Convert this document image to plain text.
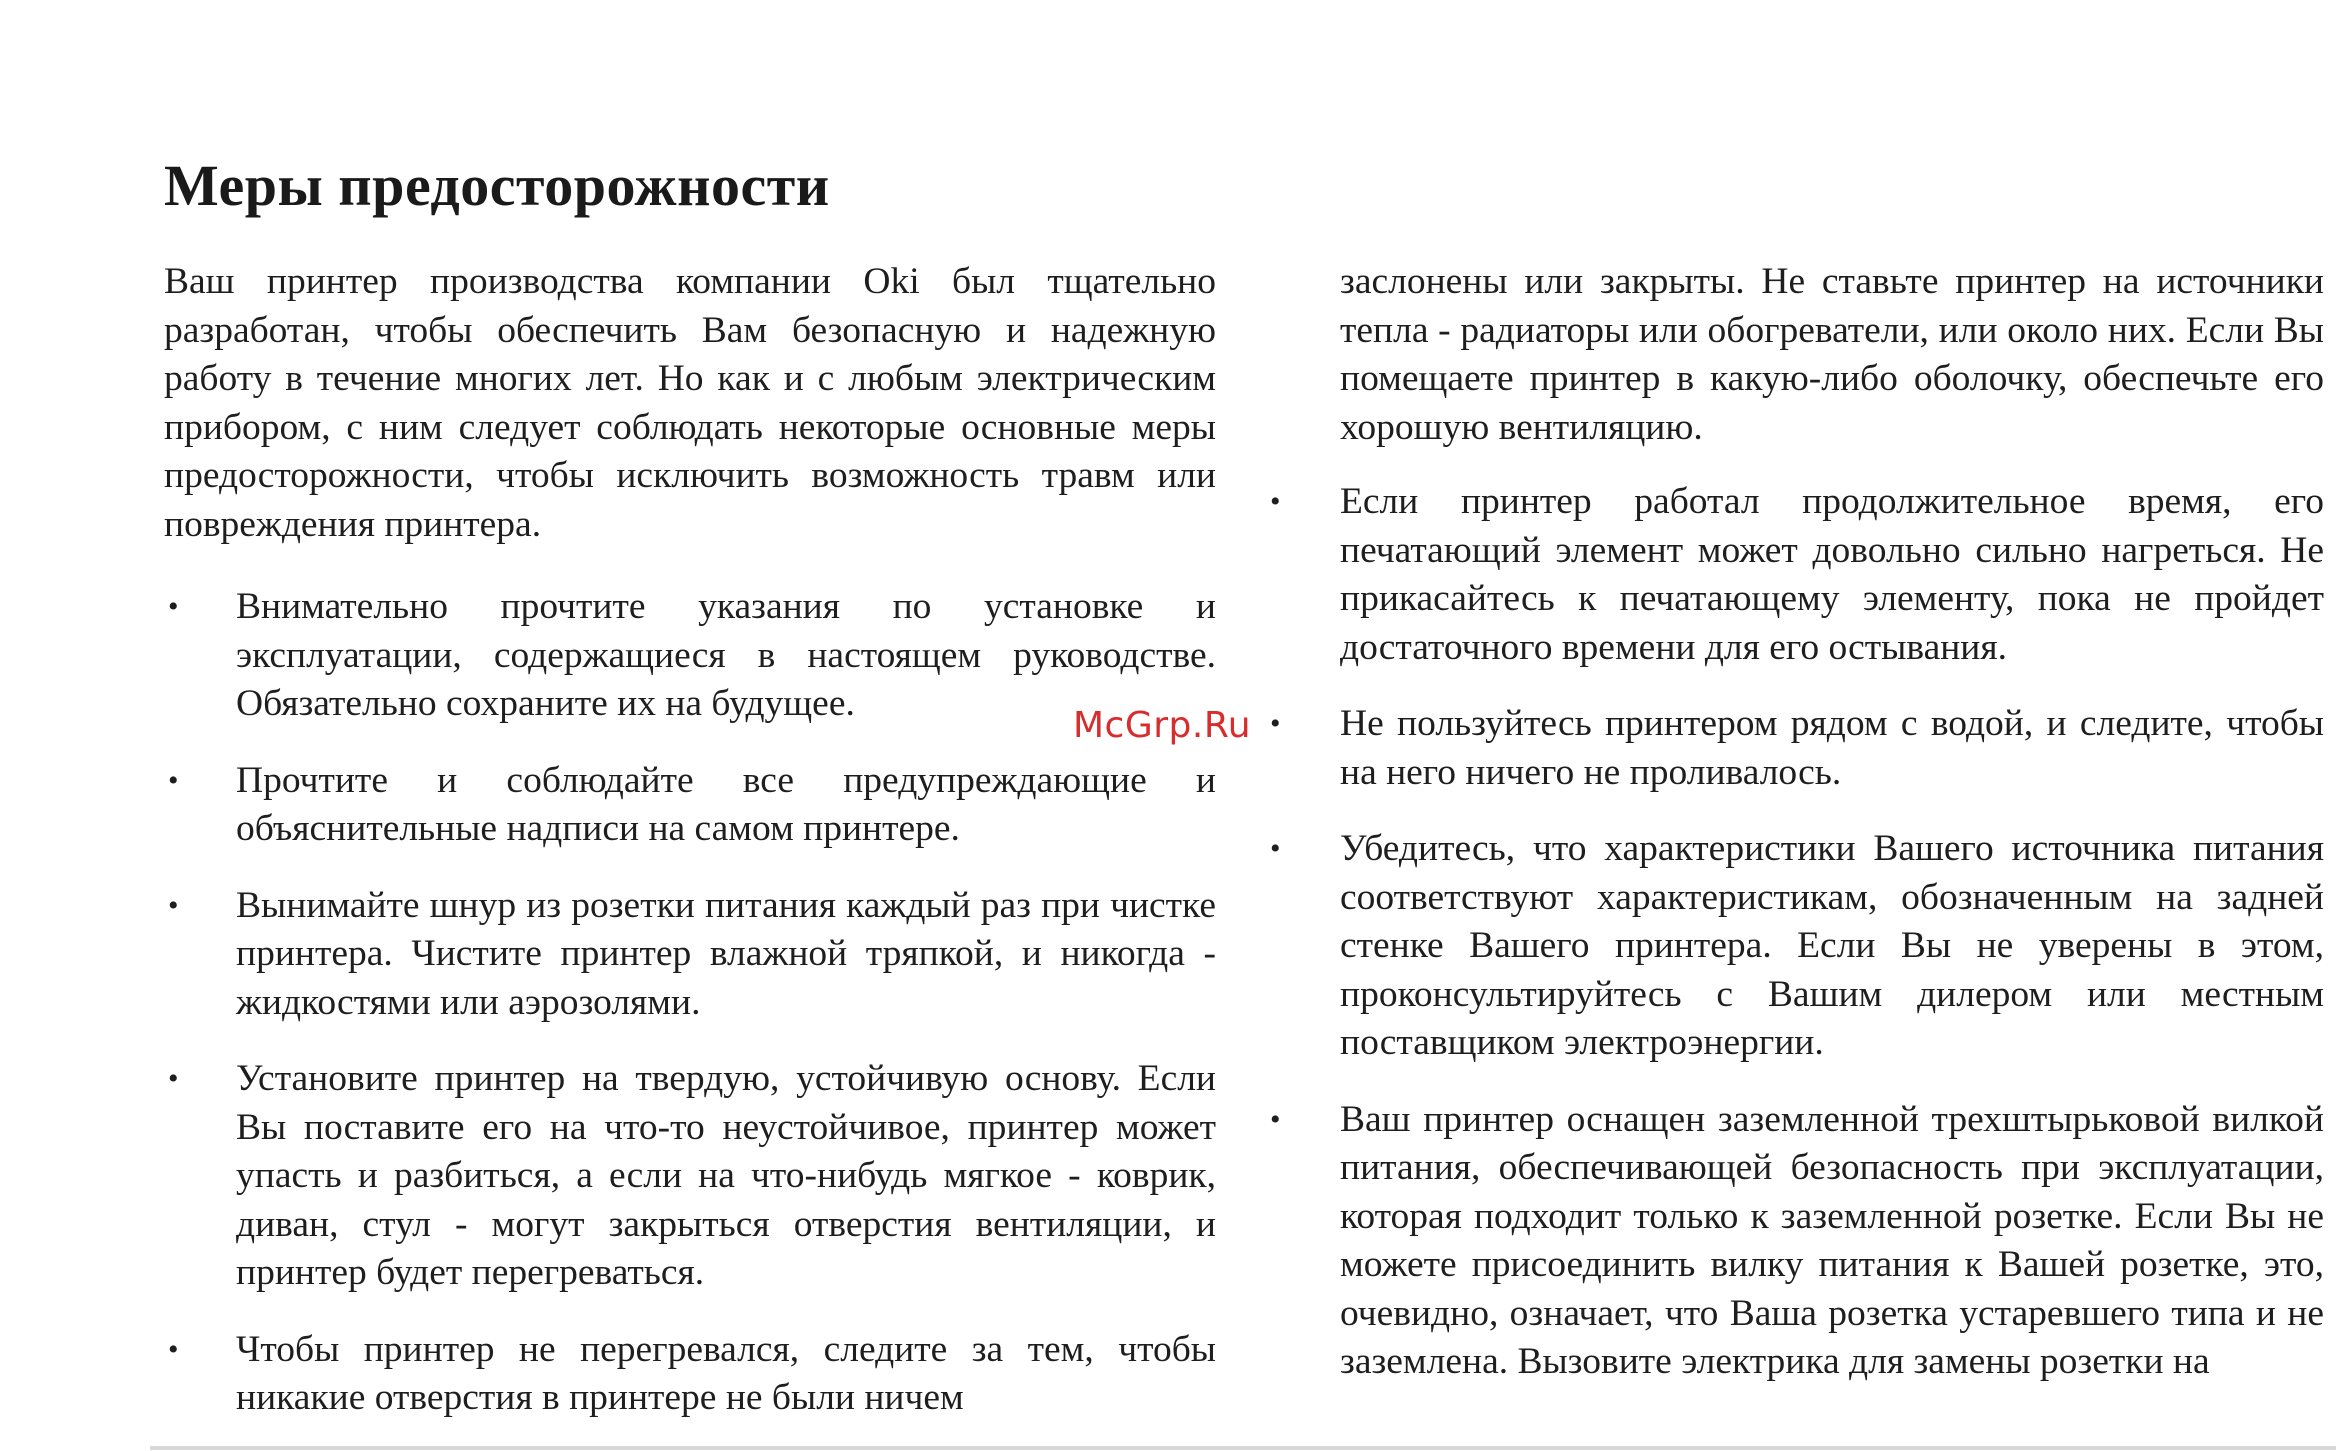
Меры предосторожности

Ваш принтер производства компании Oki был тщательно разработан, чтобы обеспечить Вам безопасную и надежную работу в течение многих лет. Но как и с любым электрическим прибором, с ним следует соблюдать некоторые основные меры предосторожности, чтобы исключить возможность травм или повреждения принтера.

• Внимательно прочтите указания по установке и эксплуатации, содержащиеся в настоящем руководстве. Обязательно сохраните их на будущее.
• Прочтите и соблюдайте все предупреждающие и объяснительные надписи на самом принтере.
• Вынимайте шнур из розетки питания каждый раз при чистке принтера. Чистите принтер влажной тряпкой, и никогда - жидкостями или аэрозолями.
• Установите принтер на твердую, устойчивую основу. Если Вы поставите его на что-то неустойчивое, принтер может упасть и разбиться, а если на что-нибудь мягкое - коврик, диван, стул - могут закрыться отверстия вентиляции, и принтер будет перегреваться.
• Чтобы принтер не перегревался, следите за тем, чтобы никакие отверстия в принтере не были ничем

заслонены или закрыты. Не ставьте принтер на источники тепла - радиаторы или обогреватели, или около них. Если Вы помещаете принтер в какую-либо оболочку, обеспечьте его хорошую вентиляцию.

• Если принтер работал продолжительное время, его печатающий элемент может довольно сильно нагреться. Не прикасайтесь к печатающему элементу, пока не пройдет достаточного времени для его остывания.
• Не пользуйтесь принтером рядом с водой, и следите, чтобы на него ничего не проливалось.
• Убедитесь, что характеристики Вашего источника питания соответствуют характеристикам, обозначенным на задней стенке Вашего принтера. Если Вы не уверены в этом, проконсультируйтесь с Вашим дилером или местным поставщиком электроэнергии.
• Ваш принтер оснащен заземленной трехштырьковой вилкой питания, обеспечивающей безопасность при эксплуатации, которая подходит только к заземленной розетке. Если Вы не можете присоединить вилку питания к Вашей розетке, это, очевидно, означает, что Ваша розетка устаревшего типа и не заземлена. Вызовите электрика для замены розетки на
McGrp.Ru
